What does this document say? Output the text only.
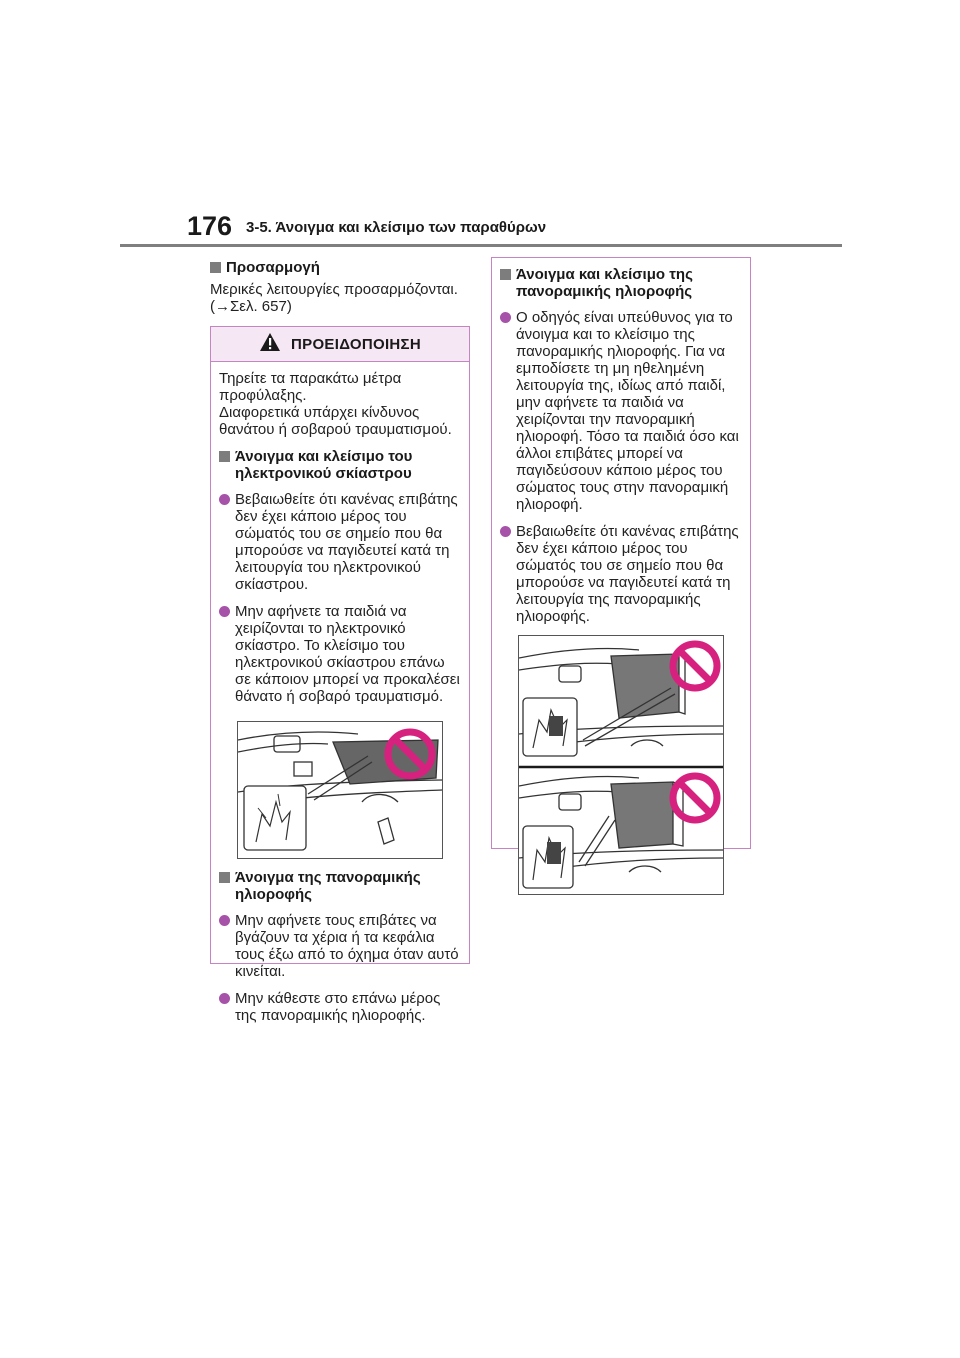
176 3-5. Άνοιγμα και κλείσιμο των παραθύρων
Προσαρμογή
Μερικές λειτουργίες προσαρμόζονται. (→Σελ. 657)
ΠΡΟΕΙΔΟΠΟΙΗΣΗ
Τηρείτε τα παρακάτω μέτρα προφύλαξης.
Διαφορετικά υπάρχει κίνδυνος θανάτου ή σοβαρού τραυματισμού.
Άνοιγμα και κλείσιμο του ηλεκτρονικού σκίαστρου
Βεβαιωθείτε ότι κανένας επιβάτης δεν έχει κάποιο μέρος του σώματός του σε σημείο που θα μπορούσε να παγιδευτεί κατά τη λειτουργία του ηλεκτρονικού σκίαστρου.
Μην αφήνετε τα παιδιά να χειρίζονται το ηλεκτρονικό σκίαστρο. Το κλείσιμο του ηλεκτρονικού σκίαστρου επάνω σε κάποιον μπορεί να προκαλέσει θάνατο ή σοβαρό τραυματισμό.
Άνοιγμα της πανοραμικής ηλιοροφής
Μην αφήνετε τους επιβάτες να βγάζουν τα χέρια ή τα κεφάλια τους έξω από το όχημα όταν αυτό κινείται.
Μην κάθεστε στο επάνω μέρος της πανοραμικής ηλιοροφής.
Άνοιγμα και κλείσιμο της πανοραμικής ηλιοροφής
Ο οδηγός είναι υπεύθυνος για το άνοιγμα και το κλείσιμο της πανοραμικής ηλιοροφής. Για να εμποδίσετε τη μη ηθελημένη λειτουργία της, ιδίως από παιδί, μην αφήνετε τα παιδιά να χειρίζονται την πανοραμική ηλιοροφή. Τόσο τα παιδιά όσο και άλλοι επιβάτες μπορεί να παγιδεύσουν κάποιο μέρος του σώματος τους στην πανοραμική ηλιοροφή.
Βεβαιωθείτε ότι κανένας επιβάτης δεν έχει κάποιο μέρος του σώματός του σε σημείο που θα μπορούσε να παγιδευτεί κατά τη λειτουργία της πανοραμικής ηλιοροφής.
